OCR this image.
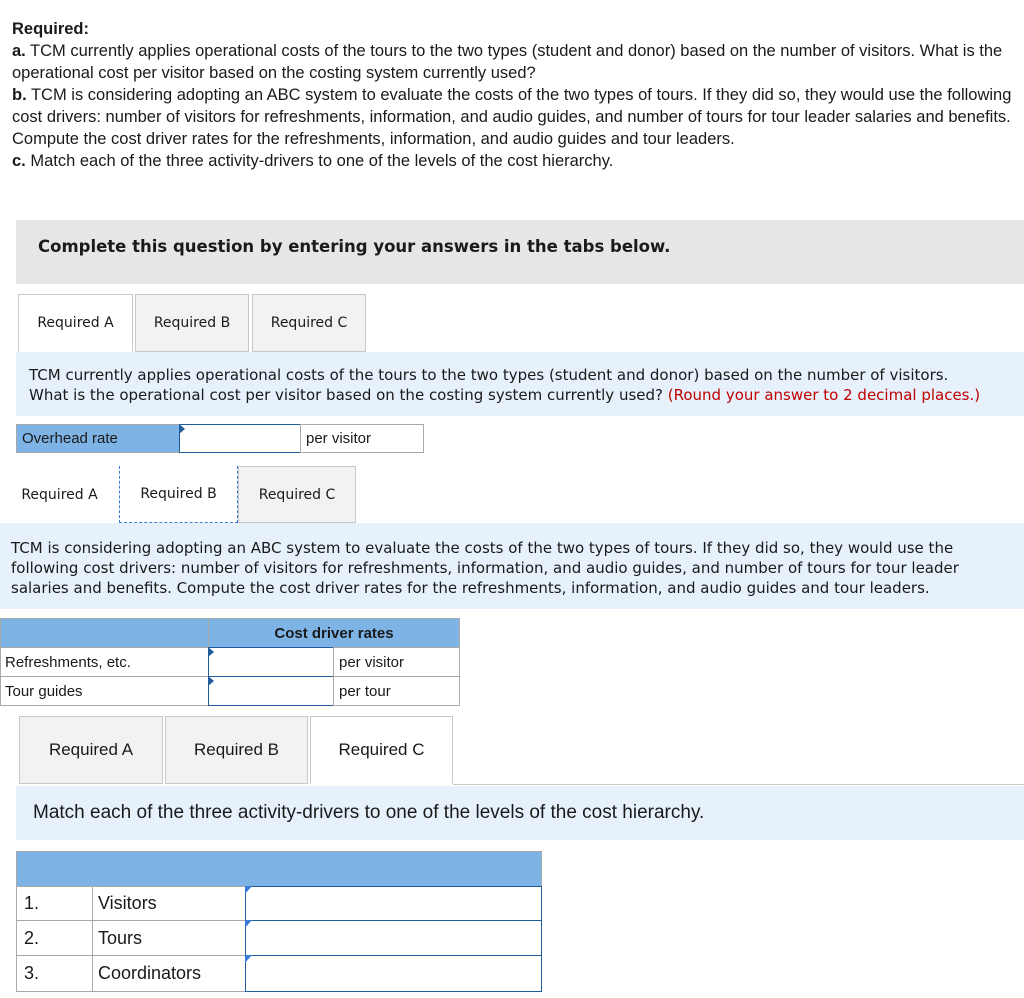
Required:

a. TCM currently applies operational costs of the tours to the two types (student and donor) based on the number of visitors. What is the operational cost per visitor based on the costing system currently used?

b. TCM is considering adopting an ABC system to evaluate the costs of the two types of tours. If they did so, they would use the following cost drivers: number of visitors for refreshments, information, and audio guides, and number of tours for tour leader salaries and benefits. Compute the cost driver rates for the refreshments, information, and audio guides and tour leaders.

c. Match each of the three activity-drivers to one of the levels of the cost hierarchy.

Complete this question by entering your answers in the tabs below.
Required A	Required B	Required C
TCM currently applies operational costs of the tours to the two types (student and donor) based on the number of visitors.
What is the operational cost per visitor based on the costing system currently used? (Round your answer to 2 decimal places.)
Overhead rate	per visitor
Required A	Required B	Required C
TCM is considering adopting an ABC system to evaluate the costs of the two types of tours. If they did so, they would use the
following cost drivers: number of visitors for refreshments, information, and audio guides, and number of tours for tour leader
salaries and benefits. Compute the cost driver rates for the refreshments, information, and audio guides and tour leaders.
Cost driver rates
Refreshments, etc.	per visitor
Tour guides	per tour
Required A	Required B	Required C
Match each of the three activity-drivers to one of the levels of the cost hierarchy.
1.	Visitors
2.	Tours
3.	Coordinators
